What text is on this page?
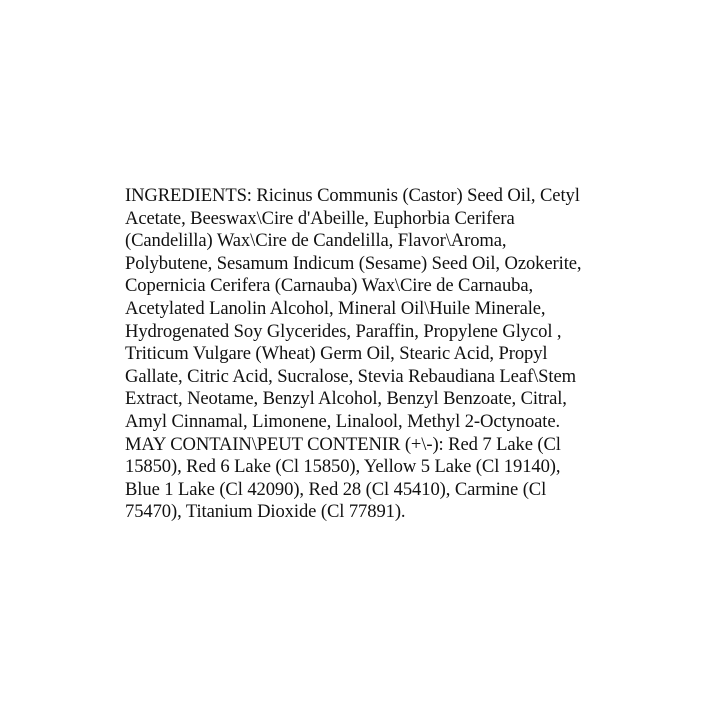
INGREDIENTS: Ricinus Communis (Castor) Seed Oil, Cetyl
Acetate, Beeswax\Cire d'Abeille, Euphorbia Cerifera
(Candelilla) Wax\Cire de Candelilla, Flavor\Aroma,
Polybutene, Sesamum Indicum (Sesame) Seed Oil, Ozokerite,
Copernicia Cerifera (Carnauba) Wax\Cire de Carnauba,
Acetylated Lanolin Alcohol, Mineral Oil\Huile Minerale,
Hydrogenated Soy Glycerides, Paraffin, Propylene Glycol ,
Triticum Vulgare (Wheat) Germ Oil, Stearic Acid, Propyl
Gallate, Citric Acid, Sucralose, Stevia Rebaudiana Leaf\Stem
Extract, Neotame, Benzyl Alcohol, Benzyl Benzoate, Citral,
Amyl Cinnamal, Limonene, Linalool, Methyl 2-Octynoate.
MAY CONTAIN\PEUT CONTENIR (+\-): Red 7 Lake (Cl
15850), Red 6 Lake (Cl 15850), Yellow 5 Lake (Cl 19140),
Blue 1 Lake (Cl 42090), Red 28 (Cl 45410), Carmine (Cl
75470), Titanium Dioxide (Cl 77891).
